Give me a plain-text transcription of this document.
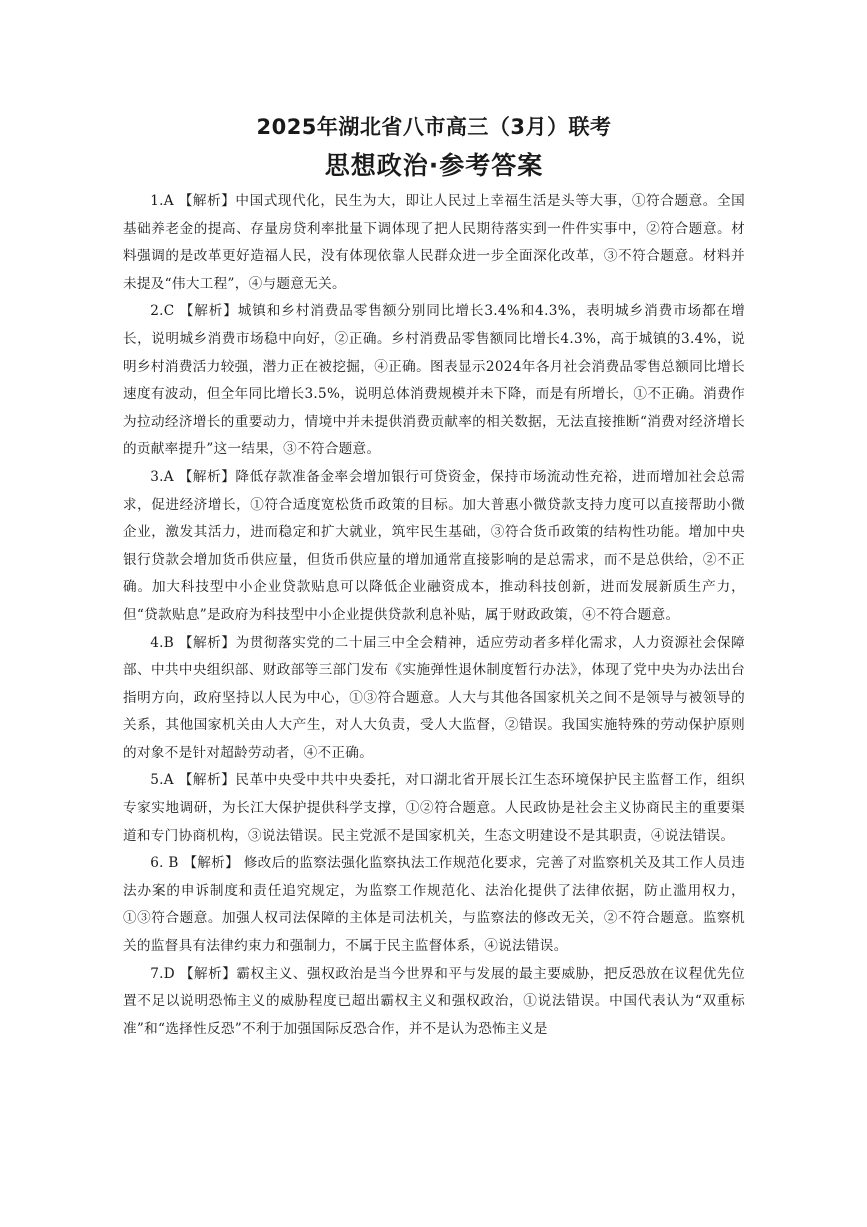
2025年湖北省八市高三（3月）联考
思想政治·参考答案

1.A 【解析】中国式现代化，民生为大，即让人民过上幸福生活是头等大事，①符合题意。全国基础养老金的提高、存量房贷利率批量下调体现了把人民期待落实到一件件实事中，②符合题意。材料强调的是改革更好造福人民，没有体现依靠人民群众进一步全面深化改革，③不符合题意。材料并未提及“伟大工程”，④与题意无关。

2.C 【解析】城镇和乡村消费品零售额分别同比增长3.4%和4.3%，表明城乡消费市场都在增长，说明城乡消费市场稳中向好，②正确。乡村消费品零售额同比增长4.3%，高于城镇的3.4%，说明乡村消费活力较强，潜力正在被挖掘，④正确。图表显示2024年各月社会消费品零售总额同比增长速度有波动，但全年同比增长3.5%，说明总体消费规模并未下降，而是有所增长，①不正确。消费作为拉动经济增长的重要动力，情境中并未提供消费贡献率的相关数据，无法直接推断“消费对经济增长的贡献率提升”这一结果，③不符合题意。

3.A 【解析】降低存款准备金率会增加银行可贷资金，保持市场流动性充裕，进而增加社会总需求，促进经济增长，①符合适度宽松货币政策的目标。加大普惠小微贷款支持力度可以直接帮助小微企业，激发其活力，进而稳定和扩大就业，筑牢民生基础，③符合货币政策的结构性功能。增加中央银行贷款会增加货币供应量，但货币供应量的增加通常直接影响的是总需求，而不是总供给，②不正确。加大科技型中小企业贷款贴息可以降低企业融资成本，推动科技创新，进而发展新质生产力，但“贷款贴息”是政府为科技型中小企业提供贷款利息补贴，属于财政政策，④不符合题意。

4.B 【解析】为贯彻落实党的二十届三中全会精神，适应劳动者多样化需求，人力资源社会保障部、中共中央组织部、财政部等三部门发布《实施弹性退休制度暂行办法》，体现了党中央为办法出台指明方向，政府坚持以人民为中心，①③符合题意。人大与其他各国家机关之间不是领导与被领导的关系，其他国家机关由人大产生，对人大负责，受人大监督，②错误。我国实施特殊的劳动保护原则的对象不是针对超龄劳动者，④不正确。

5.A 【解析】民革中央受中共中央委托，对口湖北省开展长江生态环境保护民主监督工作，组织专家实地调研，为长江大保护提供科学支撑，①②符合题意。人民政协是社会主义协商民主的重要渠道和专门协商机构，③说法错误。民主党派不是国家机关，生态文明建设不是其职责，④说法错误。

6. B 【解析】 修改后的监察法强化监察执法工作规范化要求，完善了对监察机关及其工作人员违法办案的申诉制度和责任追究规定，为监察工作规范化、法治化提供了法律依据，防止滥用权力，①③符合题意。加强人权司法保障的主体是司法机关，与监察法的修改无关，②不符合题意。监察机关的监督具有法律约束力和强制力，不属于民主监督体系，④说法错误。

7.D 【解析】霸权主义、强权政治是当今世界和平与发展的最主要威胁，把反恐放在议程优先位置不足以说明恐怖主义的威胁程度已超出霸权主义和强权政治，①说法错误。中国代表认为“双重标准”和“选择性反恐”不利于加强国际反恐合作，并不是认为恐怖主义是
